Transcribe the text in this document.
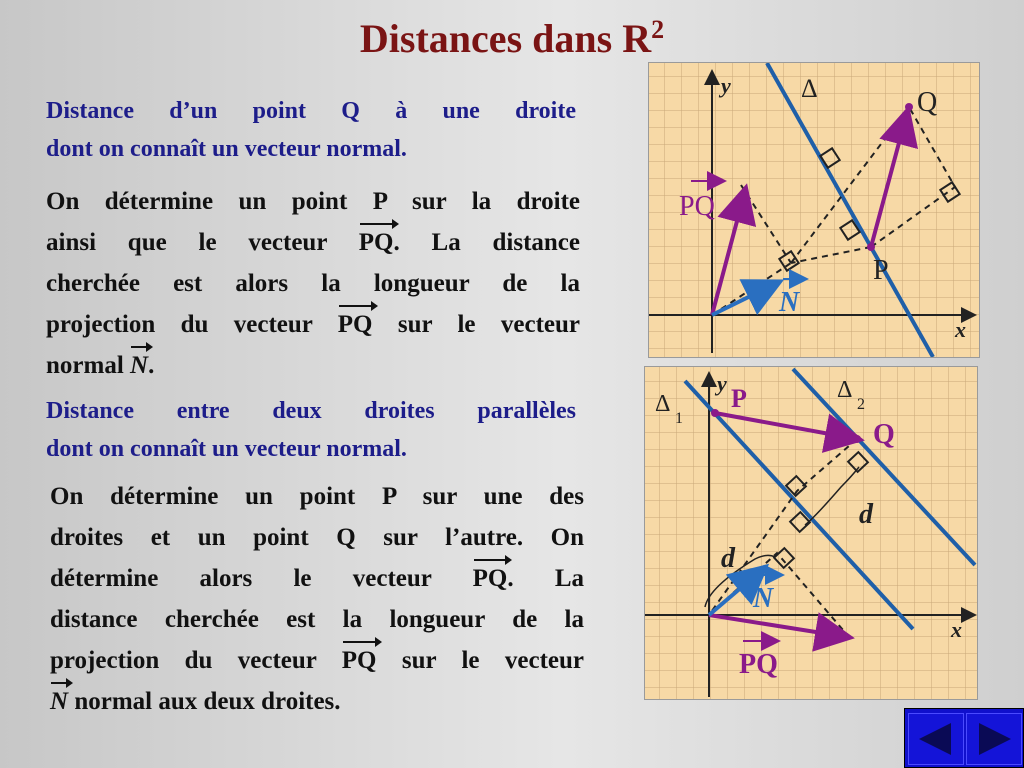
Distances dans $R^2$
Distance d’un point Q à une droite
dont on connaît un vecteur normal.
On détermine un point P sur la droite
ainsi que le vecteur PQ. La distance
cherchée est alors la longueur de la
projection du vecteur PQ sur le vecteur
normal N.
Distance entre deux droites parallèles
dont on connaît un vecteur normal.
On détermine un point P sur une des
droites et un point Q sur l’autre. On
détermine alors le vecteur PQ. La
distance cherchée est la longueur de la
projection du vecteur PQ sur le vecteur
N normal aux deux droites.
y
x
Δ	Q
P
PQ
N
y
x
Δ
1
Δ
2
P
Q
d
d
N
PQ
